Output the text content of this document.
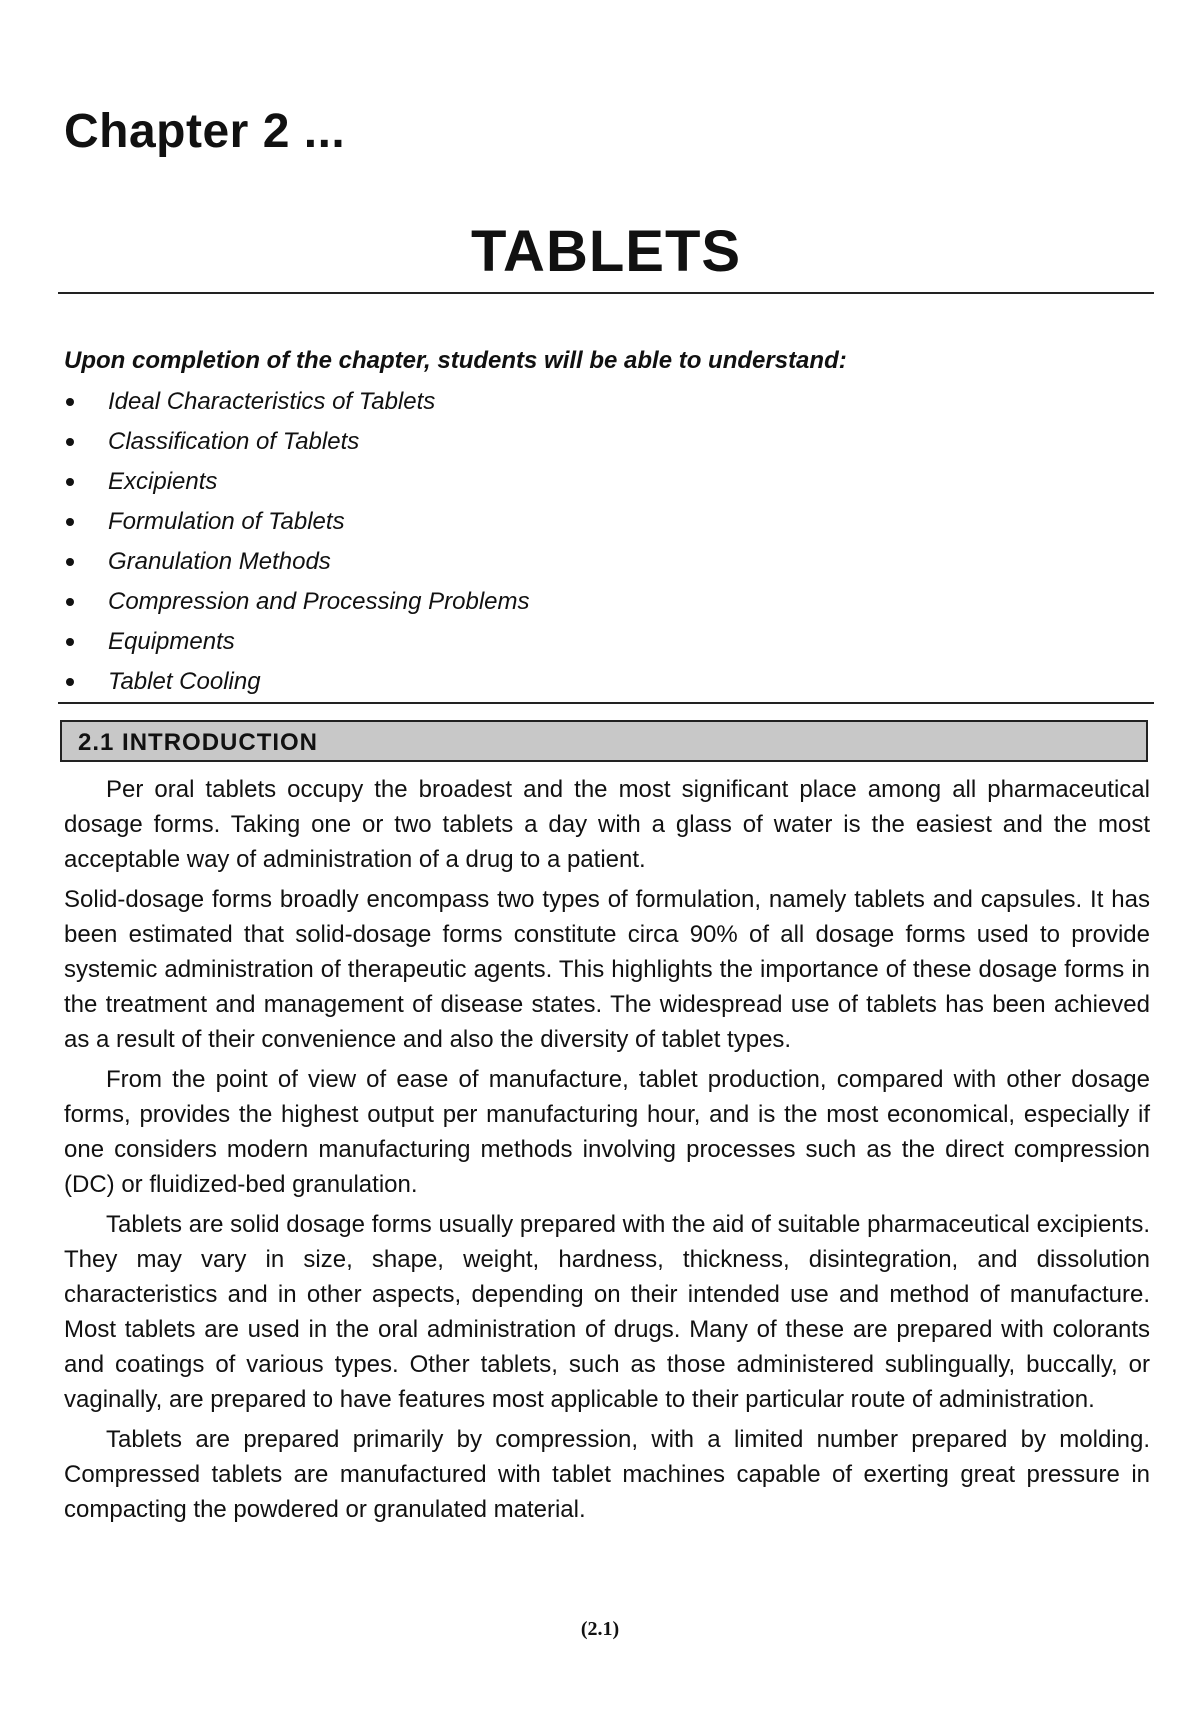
Chapter 2 ...
TABLETS

Upon completion of the chapter, students will be able to understand:

Ideal Characteristics of Tablets
Classification of Tablets
Excipients
Formulation of Tablets
Granulation Methods
Compression and Processing Problems
Equipments
Tablet Cooling
2.1 INTRODUCTION

Per oral tablets occupy the broadest and the most significant place among all pharmaceutical dosage forms. Taking one or two tablets a day with a glass of water is the easiest and the most acceptable way of administration of a drug to a patient.

Solid-dosage forms broadly encompass two types of formulation, namely tablets and capsules. It has been estimated that solid-dosage forms constitute circa 90% of all dosage forms used to provide systemic administration of therapeutic agents. This highlights the importance of these dosage forms in the treatment and management of disease states. The widespread use of tablets has been achieved as a result of their convenience and also the diversity of tablet types.

From the point of view of ease of manufacture, tablet production, compared with other dosage forms, provides the highest output per manufacturing hour, and is the most economical, especially if one considers modern manufacturing methods involving processes such as the direct compression (DC) or fluidized-bed granulation.

Tablets are solid dosage forms usually prepared with the aid of suitable pharmaceutical excipients. They may vary in size, shape, weight, hardness, thickness, disintegration, and dissolution characteristics and in other aspects, depending on their intended use and method of manufacture. Most tablets are used in the oral administration of drugs. Many of these are prepared with colorants and coatings of various types. Other tablets, such as those administered sublingually, buccally, or vaginally, are prepared to have features most applicable to their particular route of administration.

Tablets are prepared primarily by compression, with a limited number prepared by molding. Compressed tablets are manufactured with tablet machines capable of exerting great pressure in compacting the powdered or granulated material.

(2.1)
